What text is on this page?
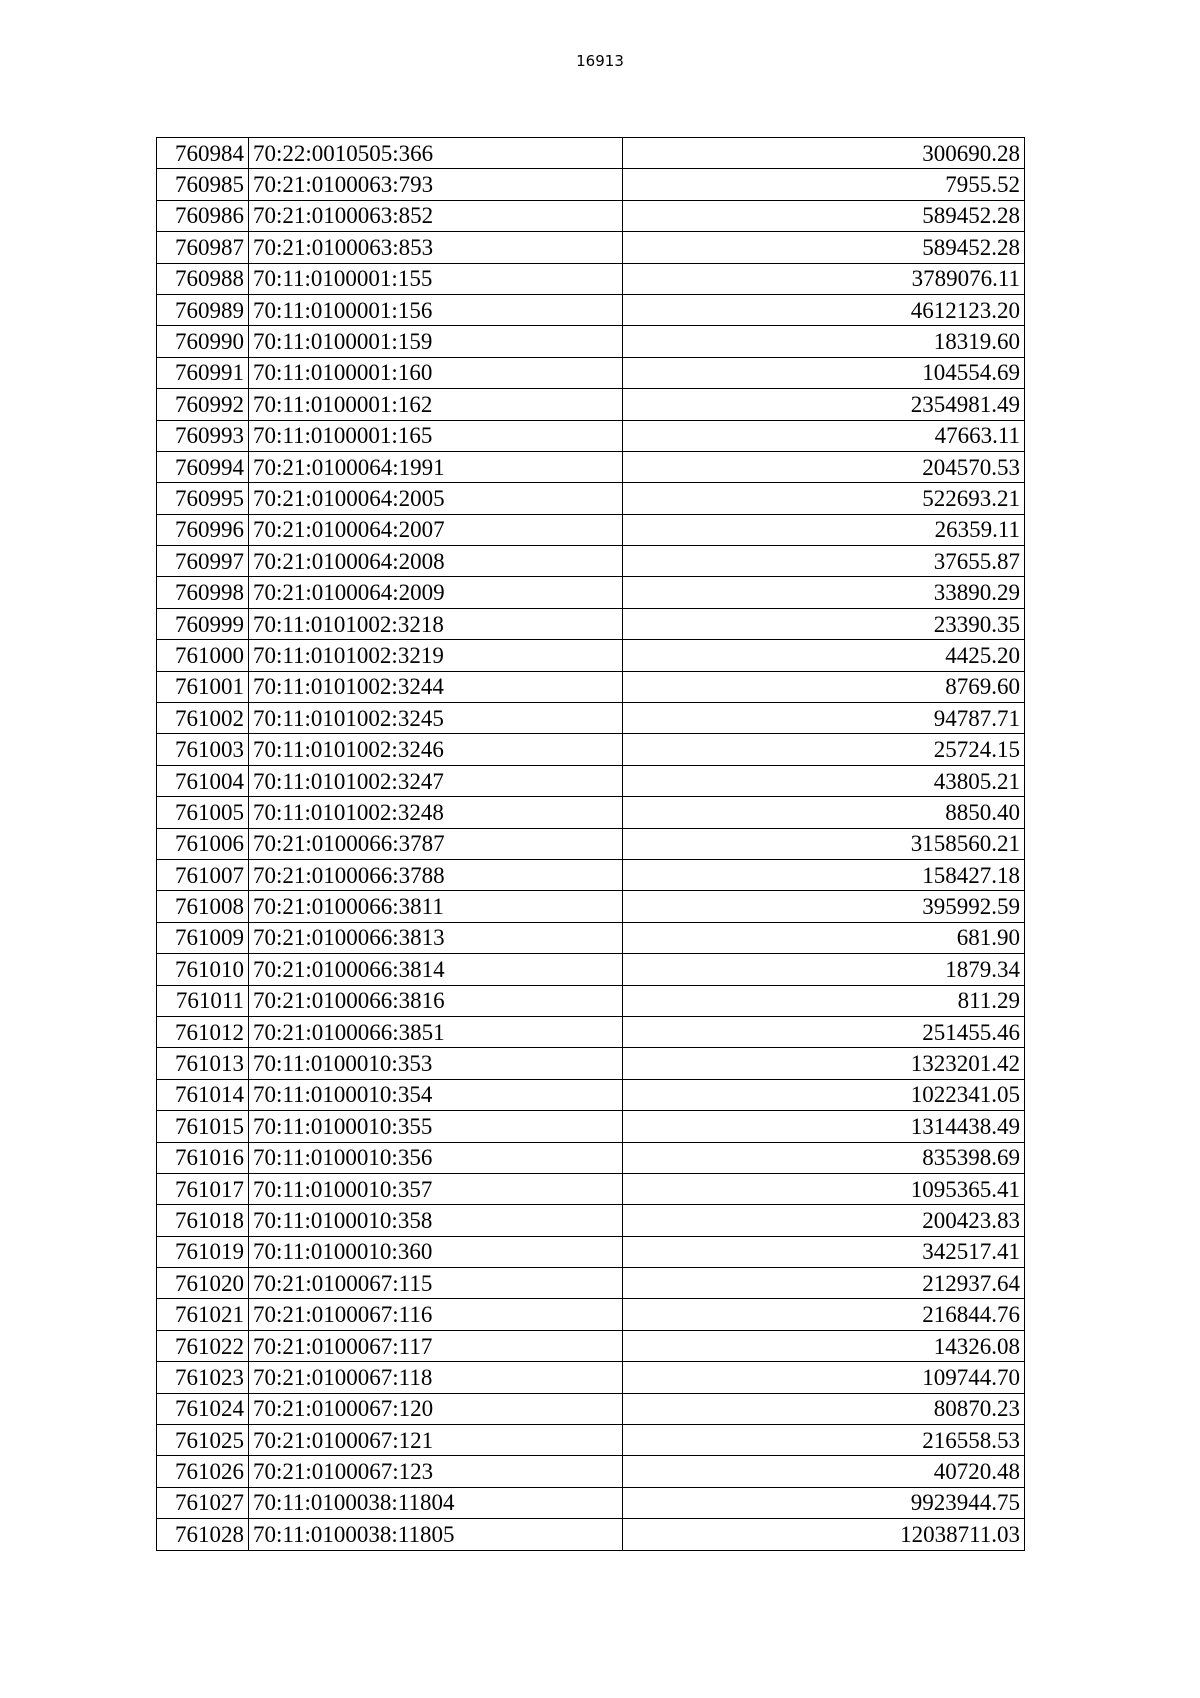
16913
760984	70:22:0010505:366	300690.28
760985	70:21:0100063:793	7955.52
760986	70:21:0100063:852	589452.28
760987	70:21:0100063:853	589452.28
760988	70:11:0100001:155	3789076.11
760989	70:11:0100001:156	4612123.20
760990	70:11:0100001:159	18319.60
760991	70:11:0100001:160	104554.69
760992	70:11:0100001:162	2354981.49
760993	70:11:0100001:165	47663.11
760994	70:21:0100064:1991	204570.53
760995	70:21:0100064:2005	522693.21
760996	70:21:0100064:2007	26359.11
760997	70:21:0100064:2008	37655.87
760998	70:21:0100064:2009	33890.29
760999	70:11:0101002:3218	23390.35
761000	70:11:0101002:3219	4425.20
761001	70:11:0101002:3244	8769.60
761002	70:11:0101002:3245	94787.71
761003	70:11:0101002:3246	25724.15
761004	70:11:0101002:3247	43805.21
761005	70:11:0101002:3248	8850.40
761006	70:21:0100066:3787	3158560.21
761007	70:21:0100066:3788	158427.18
761008	70:21:0100066:3811	395992.59
761009	70:21:0100066:3813	681.90
761010	70:21:0100066:3814	1879.34
761011	70:21:0100066:3816	811.29
761012	70:21:0100066:3851	251455.46
761013	70:11:0100010:353	1323201.42
761014	70:11:0100010:354	1022341.05
761015	70:11:0100010:355	1314438.49
761016	70:11:0100010:356	835398.69
761017	70:11:0100010:357	1095365.41
761018	70:11:0100010:358	200423.83
761019	70:11:0100010:360	342517.41
761020	70:21:0100067:115	212937.64
761021	70:21:0100067:116	216844.76
761022	70:21:0100067:117	14326.08
761023	70:21:0100067:118	109744.70
761024	70:21:0100067:120	80870.23
761025	70:21:0100067:121	216558.53
761026	70:21:0100067:123	40720.48
761027	70:11:0100038:11804	9923944.75
761028	70:11:0100038:11805	12038711.03
